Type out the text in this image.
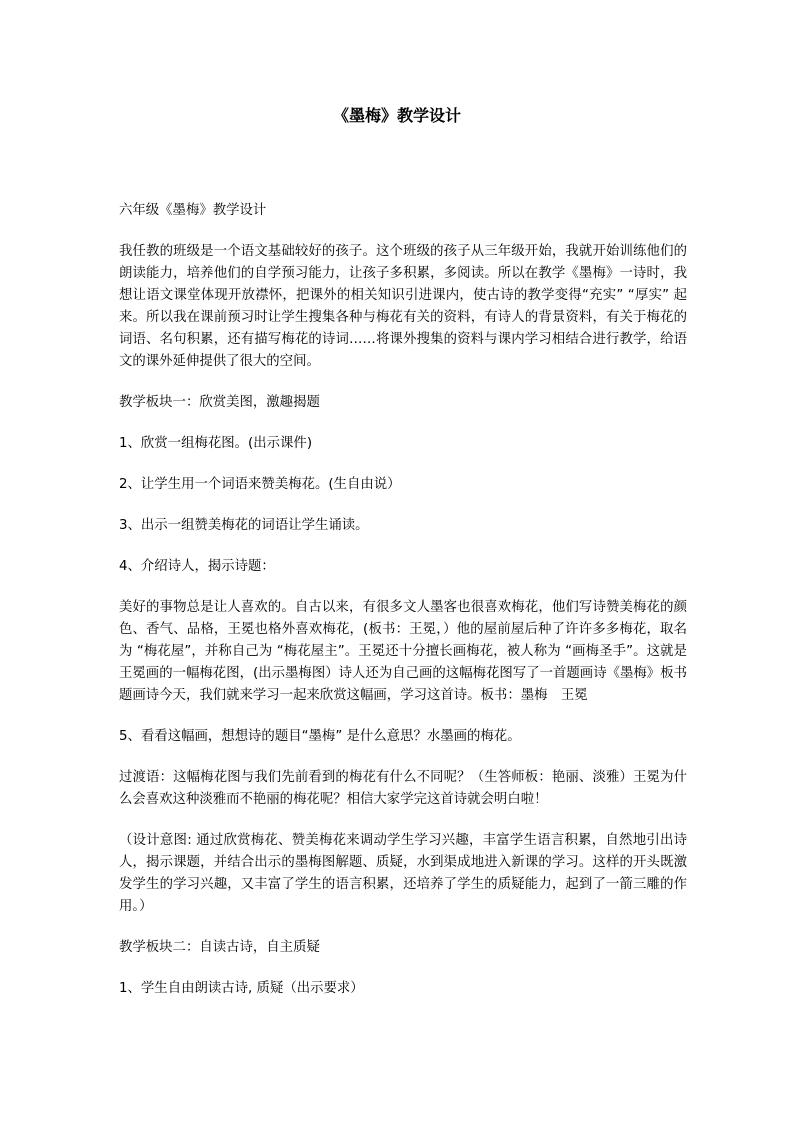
《墨梅》教学设计

六年级《墨梅》教学设计

我任教的班级是一个语文基础较好的孩子。这个班级的孩子从三年级开始，我就开始训练他们的朗读能力，培养他们的自学预习能力，让孩子多积累，多阅读。所以在教学《墨梅》一诗时，我想让语文课堂体现开放襟怀，把课外的相关知识引进课内，使古诗的教学变得“充实” “厚实” 起来。所以我在课前预习时让学生搜集各种与梅花有关的资料，有诗人的背景资料，有关于梅花的词语、名句积累，还有描写梅花的诗词……将课外搜集的资料与课内学习相结合进行教学，给语文的课外延伸提供了很大的空间。

教学板块一：欣赏美图，激趣揭题

1、欣赏一组梅花图。(出示课件)

2、让学生用一个词语来赞美梅花。(生自由说）

3、出示一组赞美梅花的词语让学生诵读。

4、介绍诗人，揭示诗题：

美好的事物总是让人喜欢的。自古以来，有很多文人墨客也很喜欢梅花，他们写诗赞美梅花的颜色、香气、品格，王冕也格外喜欢梅花，(板书：王冕，）他的屋前屋后种了许许多多梅花，取名为 “梅花屋”，并称自己为 “梅花屋主”。王冕还十分擅长画梅花，被人称为 “画梅圣手”。这就是王冕画的一幅梅花图，(出示墨梅图）诗人还为自己画的这幅梅花图写了一首题画诗《墨梅》板书 题画诗今天，我们就来学习一起来欣赏这幅画，学习这首诗。板书：墨梅　王冕

5、看看这幅画，想想诗的题目“墨梅” 是什么意思？水墨画的梅花。

过渡语：这幅梅花图与我们先前看到的梅花有什么不同呢？（生答师板：艳丽、淡雅）王冕为什么会喜欢这种淡雅而不艳丽的梅花呢？相信大家学完这首诗就会明白啦！

（设计意图: 通过欣赏梅花、赞美梅花来调动学生学习兴趣，丰富学生语言积累，自然地引出诗人，揭示课题，并结合出示的墨梅图解题、质疑，水到渠成地进入新课的学习。这样的开头既激发学生的学习兴趣，又丰富了学生的语言积累，还培养了学生的质疑能力，起到了一箭三雕的作用。）

教学板块二：自读古诗，自主质疑

1、学生自由朗读古诗, 质疑（出示要求）
